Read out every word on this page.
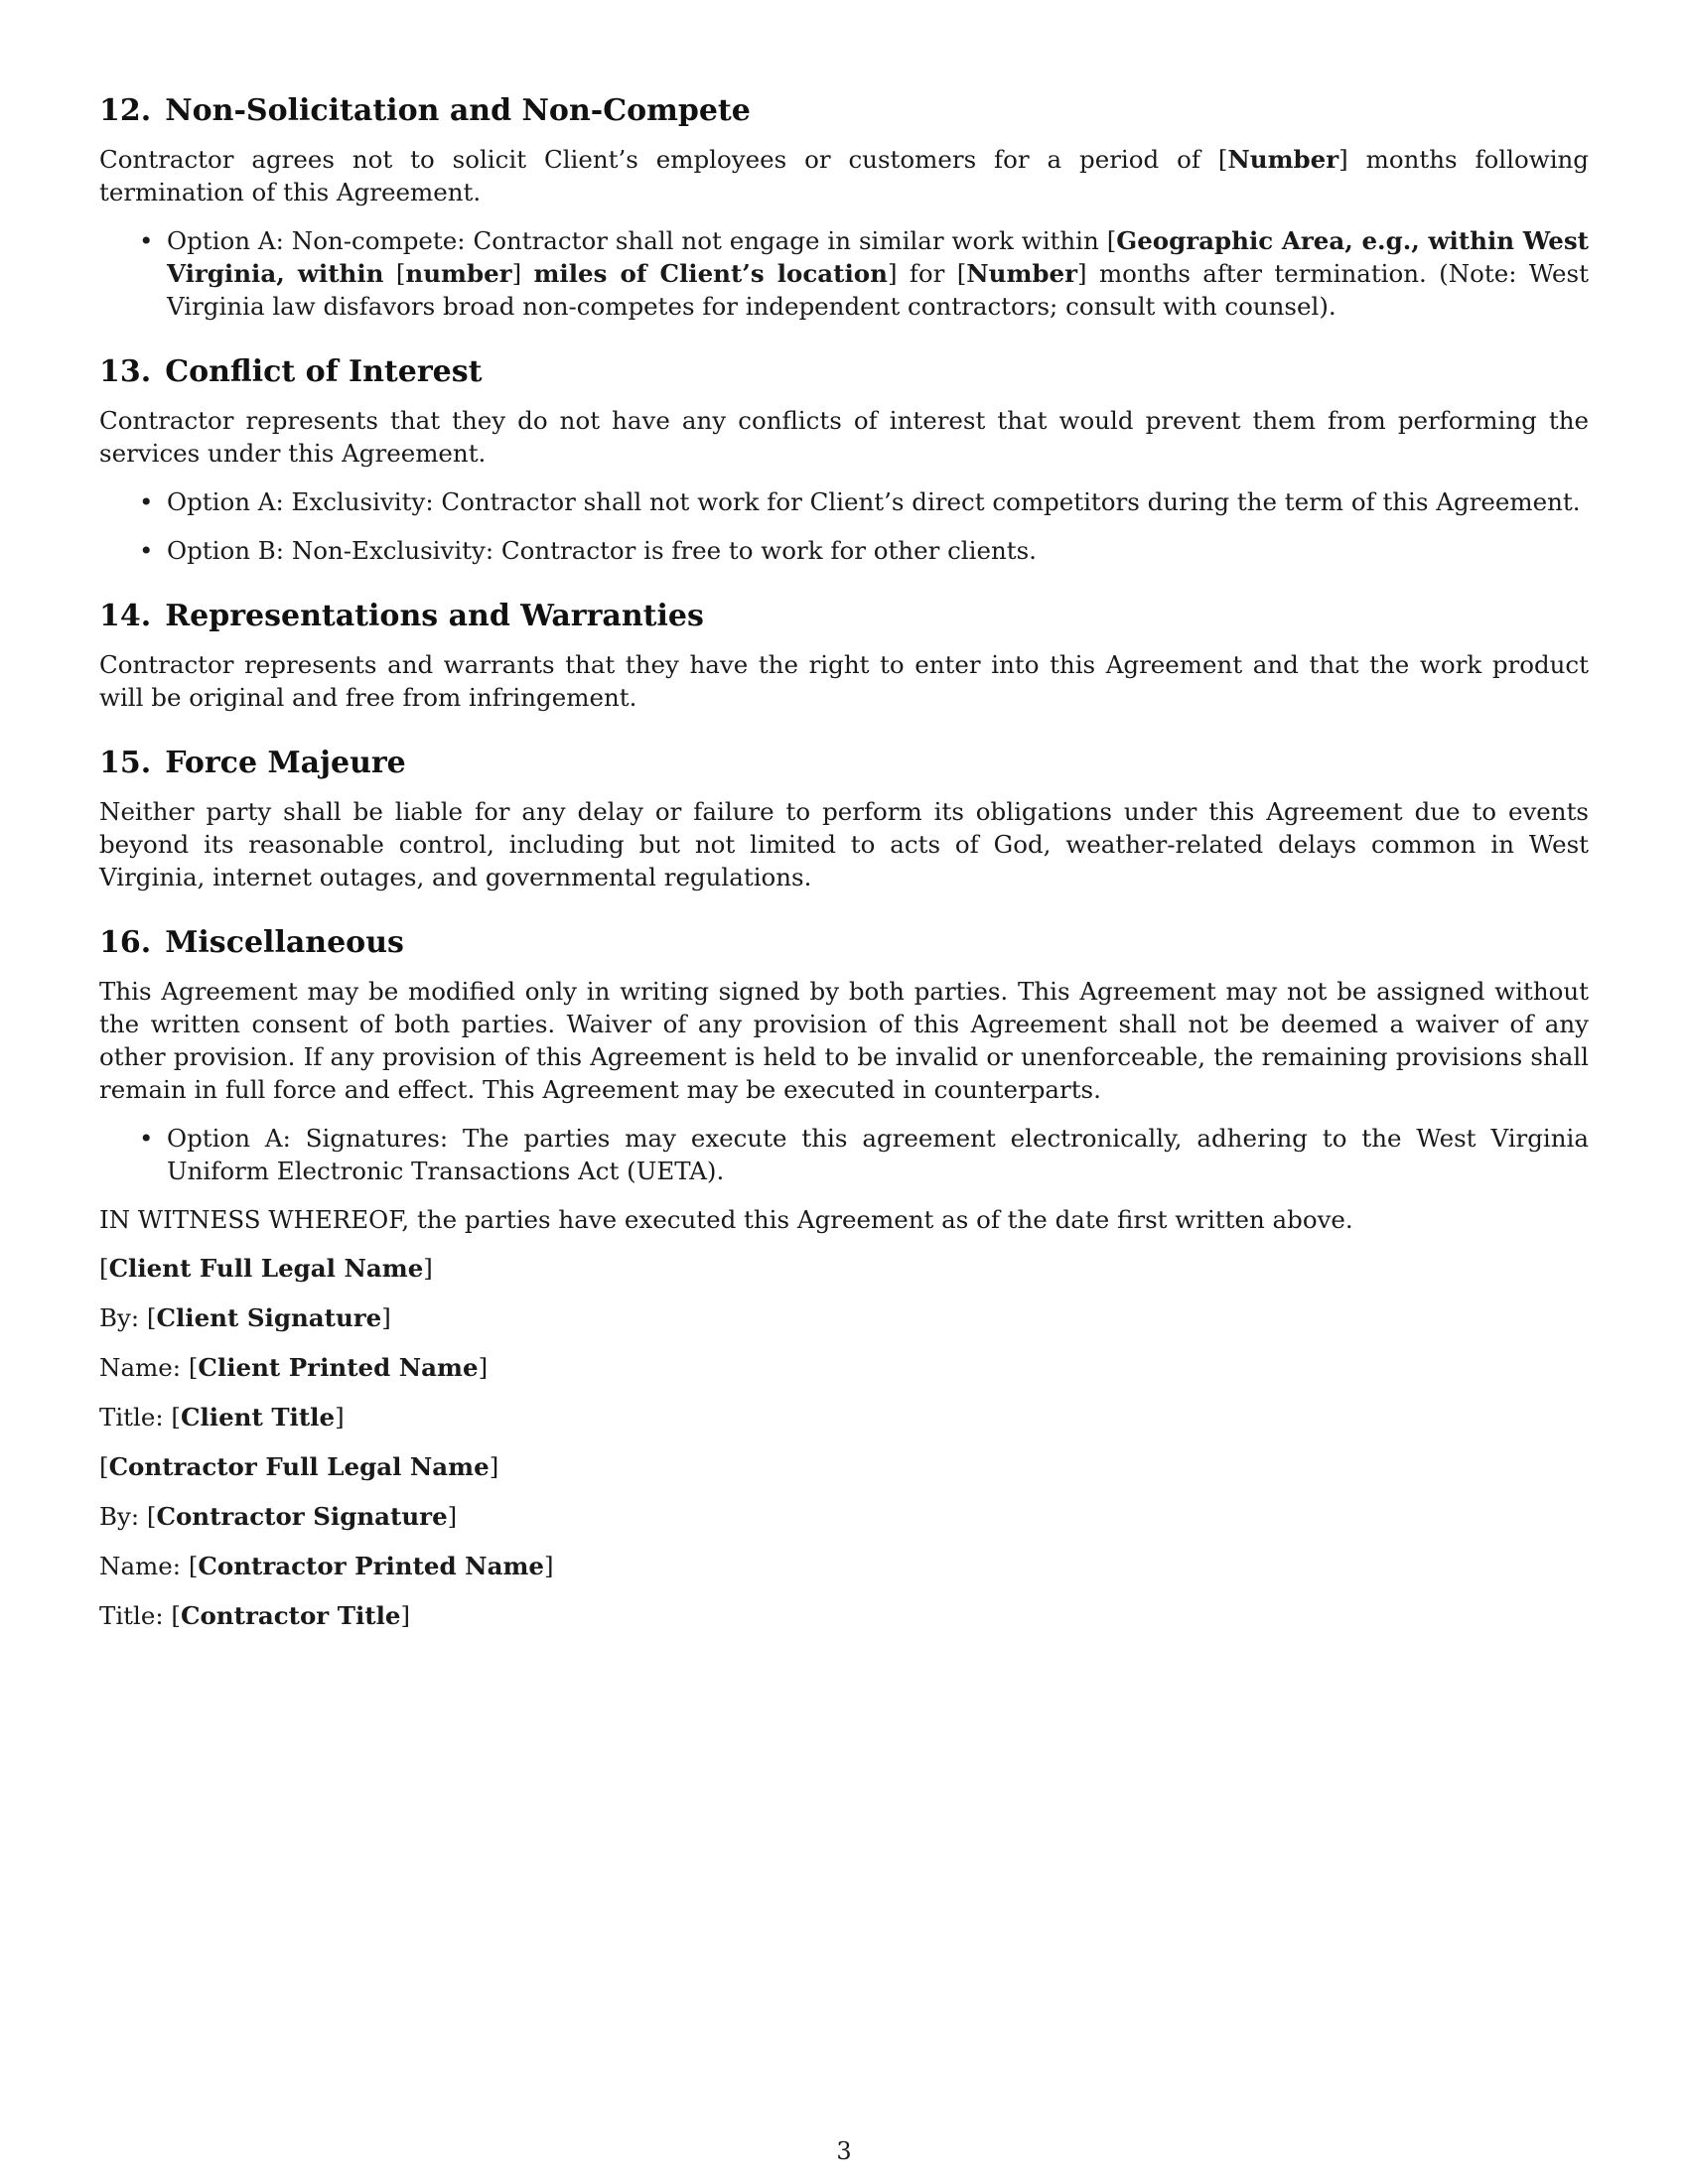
12. Non-Solicitation and Non-Compete

Contractor agrees not to solicit Client’s employees or customers for a period of [Number] months following termination of this Agreement.

• Option A: Non-compete: Contractor shall not engage in similar work within [Geographic Area, e.g., within West Virginia, within [number] miles of Client’s location] for [Number] months after termination. (Note: West Virginia law disfavors broad non-competes for independent contractors; consult with counsel).
13. Conflict of Interest

Contractor represents that they do not have any conflicts of interest that would prevent them from performing the services under this Agreement.

• Option A: Exclusivity: Contractor shall not work for Client’s direct competitors during the term of this Agreement.
• Option B: Non-Exclusivity: Contractor is free to work for other clients.
14. Representations and Warranties

Contractor represents and warrants that they have the right to enter into this Agreement and that the work product will be original and free from infringement.

15. Force Majeure

Neither party shall be liable for any delay or failure to perform its obligations under this Agreement due to events beyond its reasonable control, including but not limited to acts of God, weather-related delays common in West Virginia, internet outages, and governmental regulations.

16. Miscellaneous

This Agreement may be modified only in writing signed by both parties. This Agreement may not be assigned without the written consent of both parties. Waiver of any provision of this Agreement shall not be deemed a waiver of any other provision. If any provision of this Agreement is held to be invalid or unenforceable, the remaining provisions shall remain in full force and effect. This Agreement may be executed in counterparts.

• Option A: Signatures: The parties may execute this agreement electronically, adhering to the West Virginia Uniform Electronic Transactions Act (UETA).

IN WITNESS WHEREOF, the parties have executed this Agreement as of the date first written above.

[Client Full Legal Name]
By: [Client Signature]
Name: [Client Printed Name]
Title: [Client Title]
[Contractor Full Legal Name]
By: [Contractor Signature]
Name: [Contractor Printed Name]
Title: [Contractor Title]
3
